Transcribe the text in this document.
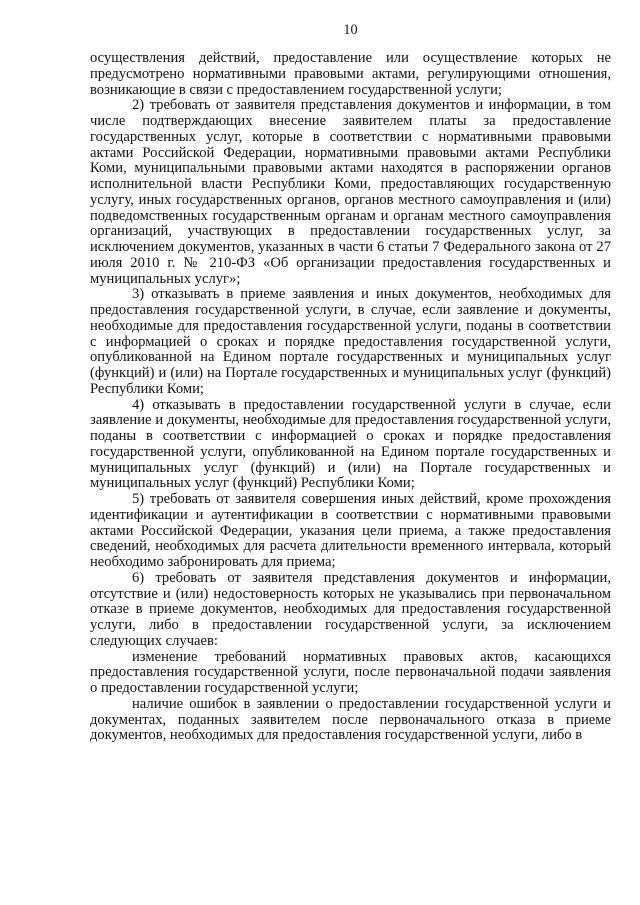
10

осуществления действий, предоставление или осуществление которых не предусмотрено нормативными правовыми актами, регулирующими отношения, возникающие в связи с предоставлением государственной услуги;

2) требовать от заявителя представления документов и информации, в том числе подтверждающих внесение заявителем платы за предоставление государственных услуг, которые в соответствии с нормативными правовыми актами Российской Федерации, нормативными правовыми актами Республики Коми, муниципальными правовыми актами находятся в распоряжении органов исполнительной власти Республики Коми, предоставляющих государственную услугу, иных государственных органов, органов местного самоуправления и (или) подведомственных государственным органам и органам местного самоуправления организаций, участвующих в предоставлении государственных услуг, за исключением документов, указанных в части 6 статьи 7 Федерального закона от 27 июля 2010 г. № 210-ФЗ «Об организации предоставления государственных и муниципальных услуг»;

3) отказывать в приеме заявления и иных документов, необходимых для предоставления государственной услуги, в случае, если заявление и документы, необходимые для предоставления государственной услуги, поданы в соответствии с информацией о сроках и порядке предоставления государственной услуги, опубликованной на Едином портале государственных и муниципальных услуг (функций) и (или) на Портале государственных и муниципальных услуг (функций) Республики Коми;

4) отказывать в предоставлении государственной услуги в случае, если заявление и документы, необходимые для предоставления государственной услуги, поданы в соответствии с информацией о сроках и порядке предоставления государственной услуги, опубликованной на Едином портале государственных и муниципальных услуг (функций) и (или) на Портале государственных и муниципальных услуг (функций) Республики Коми;

5) требовать от заявителя совершения иных действий, кроме прохождения идентификации и аутентификации в соответствии с нормативными правовыми актами Российской Федерации, указания цели приема, а также предоставления сведений, необходимых для расчета длительности временного интервала, который необходимо забронировать для приема;

6) требовать от заявителя представления документов и информации, отсутствие и (или) недостоверность которых не указывались при первоначальном отказе в приеме документов, необходимых для предоставления государственной услуги, либо в предоставлении государственной услуги, за исключением следующих случаев:

изменение требований нормативных правовых актов, касающихся предоставления государственной услуги, после первоначальной подачи заявления о предоставлении государственной услуги;

наличие ошибок в заявлении о предоставлении государственной услуги и документах, поданных заявителем после первоначального отказа в приеме документов, необходимых для предоставления государственной услуги, либо в
